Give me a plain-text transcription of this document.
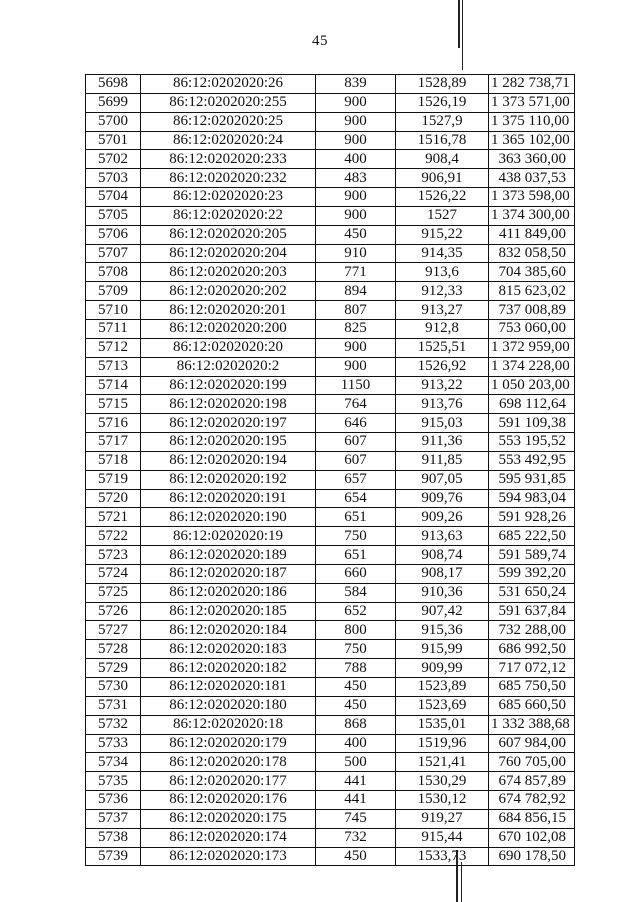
45
5698	86:12:0202020:26	839	1528,89	1 282 738,71
5699	86:12:0202020:255	900	1526,19	1 373 571,00
5700	86:12:0202020:25	900	1527,9	1 375 110,00
5701	86:12:0202020:24	900	1516,78	1 365 102,00
5702	86:12:0202020:233	400	908,4	363 360,00
5703	86:12:0202020:232	483	906,91	438 037,53
5704	86:12:0202020:23	900	1526,22	1 373 598,00
5705	86:12:0202020:22	900	1527	1 374 300,00
5706	86:12:0202020:205	450	915,22	411 849,00
5707	86:12:0202020:204	910	914,35	832 058,50
5708	86:12:0202020:203	771	913,6	704 385,60
5709	86:12:0202020:202	894	912,33	815 623,02
5710	86:12:0202020:201	807	913,27	737 008,89
5711	86:12:0202020:200	825	912,8	753 060,00
5712	86:12:0202020:20	900	1525,51	1 372 959,00
5713	86:12:0202020:2	900	1526,92	1 374 228,00
5714	86:12:0202020:199	1150	913,22	1 050 203,00
5715	86:12:0202020:198	764	913,76	698 112,64
5716	86:12:0202020:197	646	915,03	591 109,38
5717	86:12:0202020:195	607	911,36	553 195,52
5718	86:12:0202020:194	607	911,85	553 492,95
5719	86:12:0202020:192	657	907,05	595 931,85
5720	86:12:0202020:191	654	909,76	594 983,04
5721	86:12:0202020:190	651	909,26	591 928,26
5722	86:12:0202020:19	750	913,63	685 222,50
5723	86:12:0202020:189	651	908,74	591 589,74
5724	86:12:0202020:187	660	908,17	599 392,20
5725	86:12:0202020:186	584	910,36	531 650,24
5726	86:12:0202020:185	652	907,42	591 637,84
5727	86:12:0202020:184	800	915,36	732 288,00
5728	86:12:0202020:183	750	915,99	686 992,50
5729	86:12:0202020:182	788	909,99	717 072,12
5730	86:12:0202020:181	450	1523,89	685 750,50
5731	86:12:0202020:180	450	1523,69	685 660,50
5732	86:12:0202020:18	868	1535,01	1 332 388,68
5733	86:12:0202020:179	400	1519,96	607 984,00
5734	86:12:0202020:178	500	1521,41	760 705,00
5735	86:12:0202020:177	441	1530,29	674 857,89
5736	86:12:0202020:176	441	1530,12	674 782,92
5737	86:12:0202020:175	745	919,27	684 856,15
5738	86:12:0202020:174	732	915,44	670 102,08
5739	86:12:0202020:173	450	1533,73	690 178,50
